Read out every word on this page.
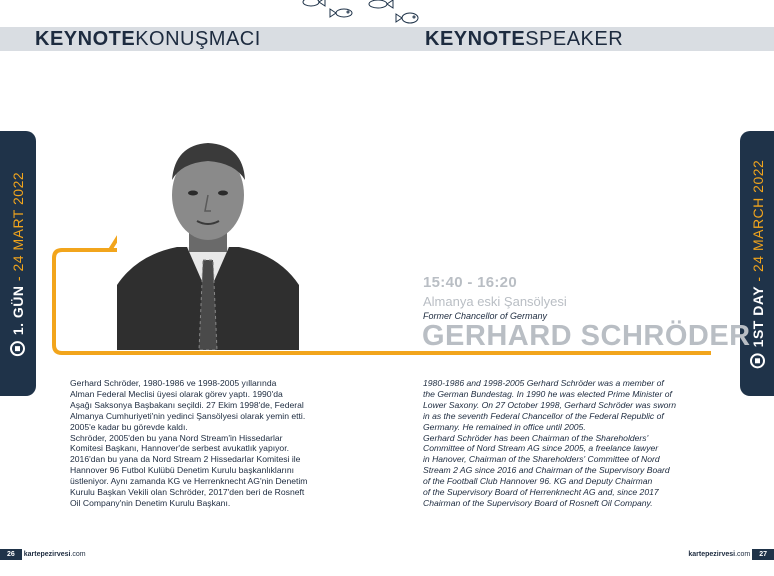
KEYNOTEKONUŞMACI	KEYNOTESPEAKER
1. GÜN - 24 MART 2022
1ST DAY - 24 MARCH 2022
15:40 - 16:20
Almanya eski Şansölyesi
Former Chancellor of Germany
GERHARD SCHRÖDER

Gerhard Schröder, 1980-1986 ve 1998-2005 yıllarında
Alman Federal Meclisi üyesi olarak görev yaptı. 1990'da
Aşağı Saksonya Başbakanı seçildi. 27 Ekim 1998'de, Federal
Almanya Cumhuriyeti'nin yedinci Şansölyesi olarak yemin etti.
2005'e kadar bu görevde kaldı.
Schröder, 2005'den bu yana Nord Stream'in Hissedarlar
Komitesi Başkanı, Hannover'de serbest avukatlık yapıyor.
2016'dan bu yana da Nord Stream 2 Hissedarlar Komitesi ile
Hannover 96 Futbol Kulübü Denetim Kurulu başkanlıklarını
üstleniyor. Aynı zamanda KG ve Herrenknecht AG'nin Denetim
Kurulu Başkan Vekili olan Schröder, 2017'den beri de Rosneft
Oil Company'nin Denetim Kurulu Başkanı.

1980-1986 and 1998-2005 Gerhard Schröder was a member of
the German Bundestag. In 1990 he was elected Prime Minister of
Lower Saxony. On 27 October 1998, Gerhard Schröder was sworn
in as the seventh Federal Chancellor of the Federal Republic of
Germany. He remained in office until 2005.
Gerhard Schröder has been Chairman of the Shareholders'
Committee of Nord Stream AG since 2005, a freelance lawyer
in Hanover, Chairman of the Shareholders' Committee of Nord
Stream 2 AG since 2016 and Chairman of the Supervisory Board
of the Football Club Hannover 96. KG and Deputy Chairman
of the Supervisory Board of Herrenknecht AG and, since 2017
Chairman of the Supervisory Board of Rosneft Oil Company.

26 kartepezirvesi.com	kartepezirvesi.com 27
